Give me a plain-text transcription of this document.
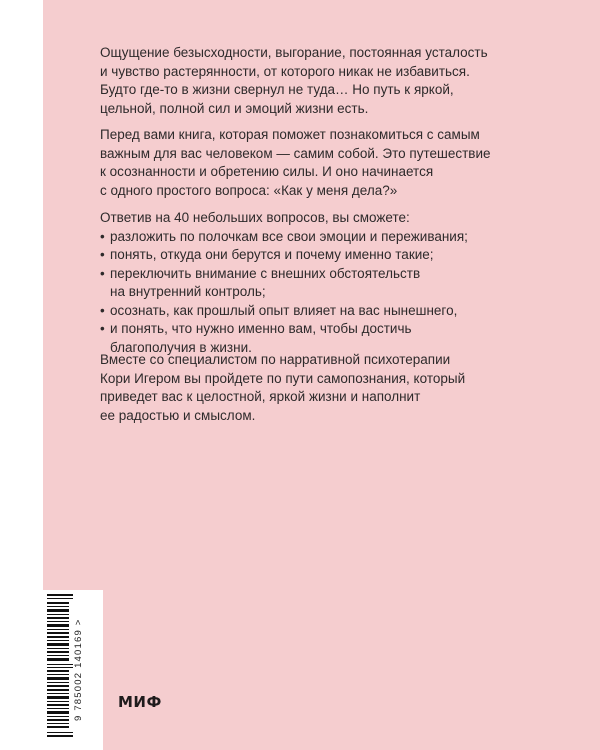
Ощущение безысходности, выгорание, постоянная усталость
и чувство растерянности, от которого никак не избавиться.
Будто где-то в жизни свернул не туда… Но путь к яркой,
цельной, полной сил и эмоций жизни есть.
Перед вами книга, которая поможет познакомиться с самым
важным для вас человеком — самим собой. Это путешествие
к осознанности и обретению силы. И оно начинается
с одного простого вопроса: «Как у меня дела?»
Ответив на 40 небольших вопросов, вы сможете:
• разложить по полочкам все свои эмоции и переживания;
• понять, откуда они берутся и почему именно такие;
• переключить внимание с внешних обстоятельств
на внутренний контроль;
• осознать, как прошлый опыт влияет на вас нынешнего,
• и понять, что нужно именно вам, чтобы достичь
благополучия в жизни.
Вместе со специалистом по нарративной психотерапии
Кори Игером вы пройдете по пути самопознания, который
приведет вас к целостной, яркой жизни и наполнит
ее радостью и смыслом.
9 785002 140169 > МИФ
